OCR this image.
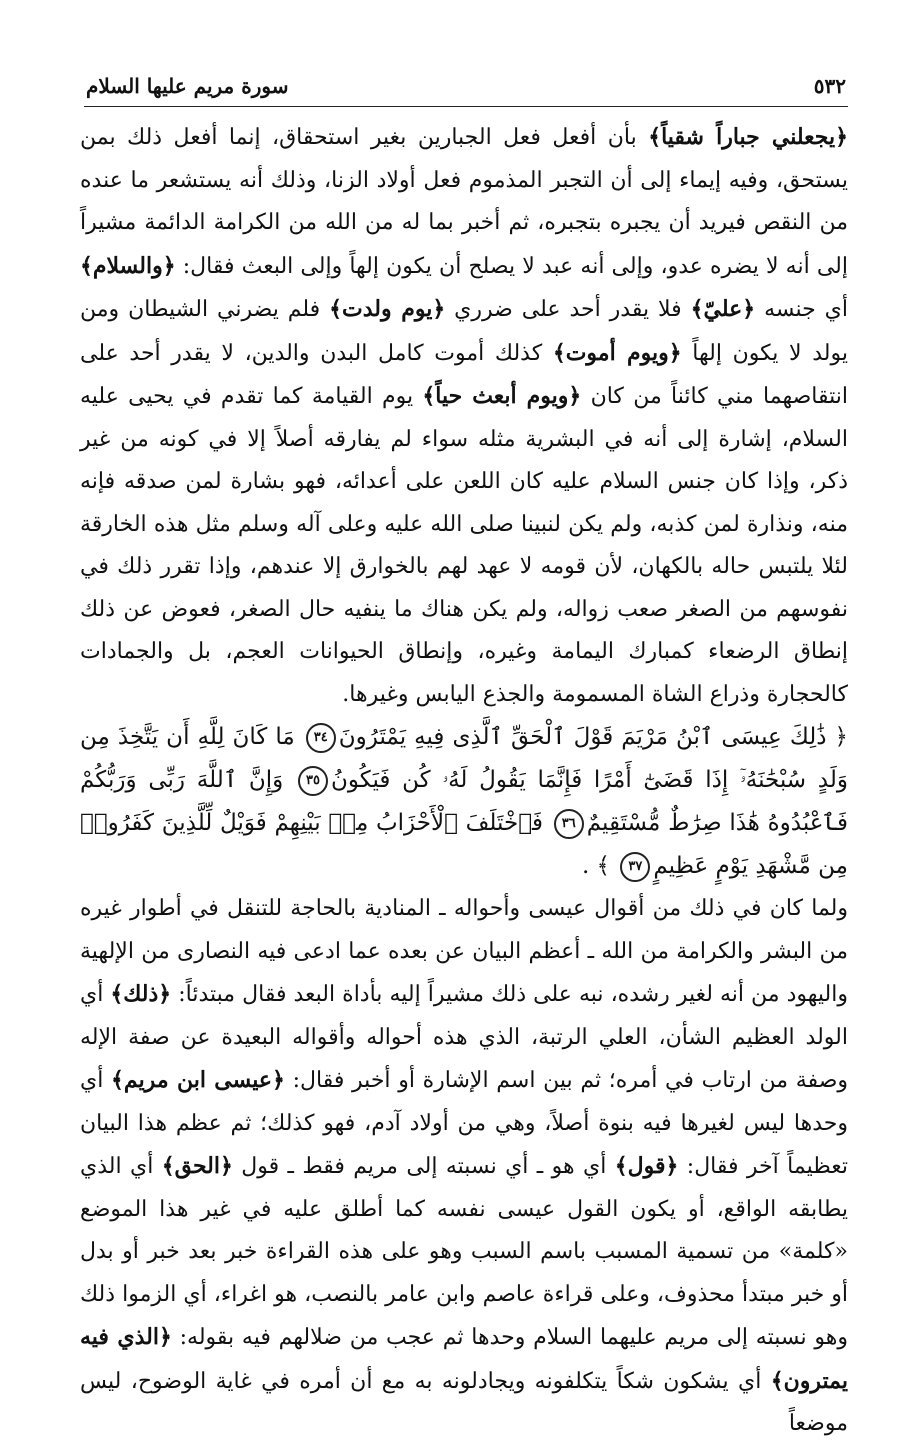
٥٣٢
سورة مريم عليها السلام

﴿يجعلني جباراً شقياً﴾ بأن أفعل فعل الجبارين بغير استحقاق، إنما أفعل ذلك بمن يستحق، وفيه إيماء إلى أن التجبر المذموم فعل أولاد الزنا، وذلك أنه يستشعر ما عنده من النقص فيريد أن يجبره بتجبره، ثم أخبر بما له من الله من الكرامة الدائمة مشيراً إلى أنه لا يضره عدو، وإلى أنه عبد لا يصلح أن يكون إلهاً وإلى البعث فقال: ﴿والسلام﴾ أي جنسه ﴿عليّ﴾ فلا يقدر أحد على ضرري ﴿يوم ولدت﴾ فلم يضرني الشيطان ومن يولد لا يكون إلهاً ﴿ويوم أموت﴾ كذلك أموت كامل البدن والدين، لا يقدر أحد على انتقاصهما مني كائناً من كان ﴿ويوم أبعث حياً﴾ يوم القيامة كما تقدم في يحيى عليه السلام، إشارة إلى أنه في البشرية مثله سواء لم يفارقه أصلاً إلا في كونه من غير ذكر، وإذا كان جنس السلام عليه كان اللعن على أعدائه، فهو بشارة لمن صدقه فإنه منه، ونذارة لمن كذبه، ولم يكن لنبينا صلى الله عليه وعلى آله وسلم مثل هذه الخارقة لئلا يلتبس حاله بالكهان، لأن قومه لا عهد لهم بالخوارق إلا عندهم، وإذا تقرر ذلك في نفوسهم من الصغر صعب زواله، ولم يكن هناك ما ينفيه حال الصغر، فعوض عن ذلك إنطاق الرضعاء كمبارك اليمامة وغيره، وإنطاق الحيوانات العجم، بل والجمادات كالحجارة وذراع الشاة المسمومة والجذع اليابس وغيرها.

﴿ ذَٰلِكَ عِيسَى ٱبْنُ مَرْيَمَ قَوْلَ ٱلْحَقِّ ٱلَّذِى فِيهِ يَمْتَرُونَ٣٤ مَا كَانَ لِلَّهِ أَن يَتَّخِذَ مِن وَلَدٍ سُبْحَٰنَهُۥٓ إِذَا قَضَىٰٓ أَمْرًا فَإِنَّمَا يَقُولُ لَهُۥ كُن فَيَكُونُ٣٥ وَإِنَّ ٱللَّهَ رَبِّى وَرَبُّكُمْ فَٱعْبُدُوهُ هَٰذَا صِرَٰطٌ مُّسْتَقِيمٌ٣٦ فَٱخْتَلَفَ ٱلْأَحْزَابُ مِنۢ بَيْنِهِمْ فَوَيْلٌ لِّلَّذِينَ كَفَرُوا۟ مِن مَّشْهَدِ يَوْمٍ عَظِيمٍ٣٧ ﴾ .

ولما كان في ذلك من أقوال عيسى وأحواله ـ المنادية بالحاجة للتنقل في أطوار غيره من البشر والكرامة من الله ـ أعظم البيان عن بعده عما ادعى فيه النصارى من الإلهية واليهود من أنه لغير رشده، نبه على ذلك مشيراً إليه بأداة البعد فقال مبتدئاً: ﴿ذلك﴾ أي الولد العظيم الشأن، العلي الرتبة، الذي هذه أحواله وأقواله البعيدة عن صفة الإله وصفة من ارتاب في أمره؛ ثم بين اسم الإشارة أو أخبر فقال: ﴿عيسى ابن مريم﴾ أي وحدها ليس لغيرها فيه بنوة أصلاً، وهي من أولاد آدم، فهو كذلك؛ ثم عظم هذا البيان تعظيماً آخر فقال: ﴿قول﴾ أي هو ـ أي نسبته إلى مريم فقط ـ قول ﴿الحق﴾ أي الذي يطابقه الواقع، أو يكون القول عيسى نفسه كما أطلق عليه في غير هذا الموضع «كلمة» من تسمية المسبب باسم السبب وهو على هذه القراءة خبر بعد خبر أو بدل أو خبر مبتدأ محذوف، وعلى قراءة عاصم وابن عامر بالنصب، هو اغراء، أي الزموا ذلك وهو نسبته إلى مريم عليهما السلام وحدها ثم عجب من ضلالهم فيه بقوله: ﴿الذي فيه يمترون﴾ أي يشكون شكاً يتكلفونه ويجادلونه به مع أن أمره في غاية الوضوح، ليس موضعاً
